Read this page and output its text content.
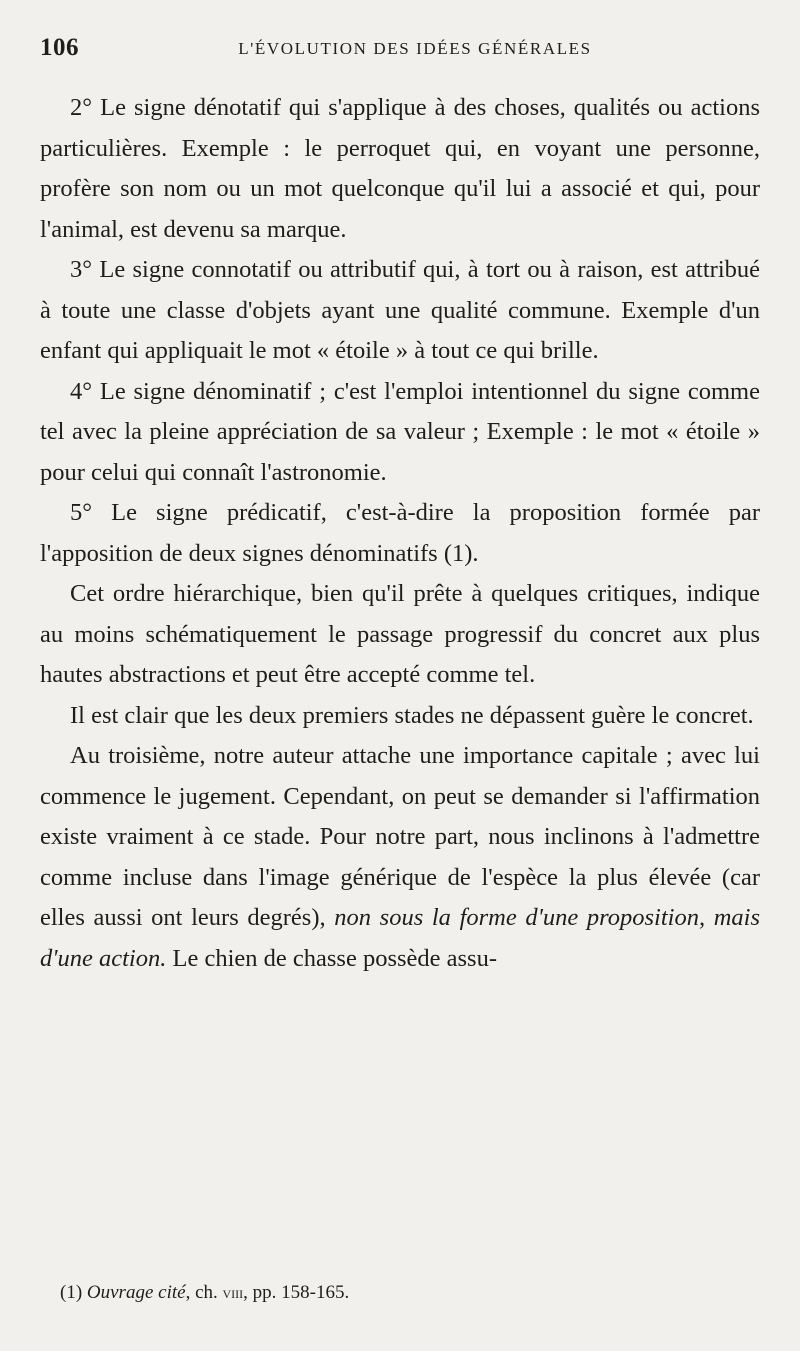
106	L'ÉVOLUTION DES IDÉES GÉNÉRALES

2° Le signe dénotatif qui s'applique à des choses, qualités ou actions particulières. Exemple : le perroquet qui, en voyant une personne, profère son nom ou un mot quelconque qu'il lui a associé et qui, pour l'animal, est devenu sa marque.

3° Le signe connotatif ou attributif qui, à tort ou à raison, est attribué à toute une classe d'objets ayant une qualité commune. Exemple d'un enfant qui appliquait le mot « étoile » à tout ce qui brille.

4° Le signe dénominatif ; c'est l'emploi intentionnel du signe comme tel avec la pleine appréciation de sa valeur ; Exemple : le mot « étoile » pour celui qui connaît l'astronomie.

5° Le signe prédicatif, c'est-à-dire la proposition formée par l'apposition de deux signes dénominatifs (1).

Cet ordre hiérarchique, bien qu'il prête à quelques critiques, indique au moins schématiquement le passage progressif du concret aux plus hautes abstractions et peut être accepté comme tel.

Il est clair que les deux premiers stades ne dépassent guère le concret.

Au troisième, notre auteur attache une importance capitale ; avec lui commence le jugement. Cependant, on peut se demander si l'affirmation existe vraiment à ce stade. Pour notre part, nous inclinons à l'admettre comme incluse dans l'image générique de l'espèce la plus élevée (car elles aussi ont leurs degrés), non sous la forme d'une proposition, mais d'une action. Le chien de chasse possède assu-

(1) Ouvrage cité, ch. viii, pp. 158-165.
